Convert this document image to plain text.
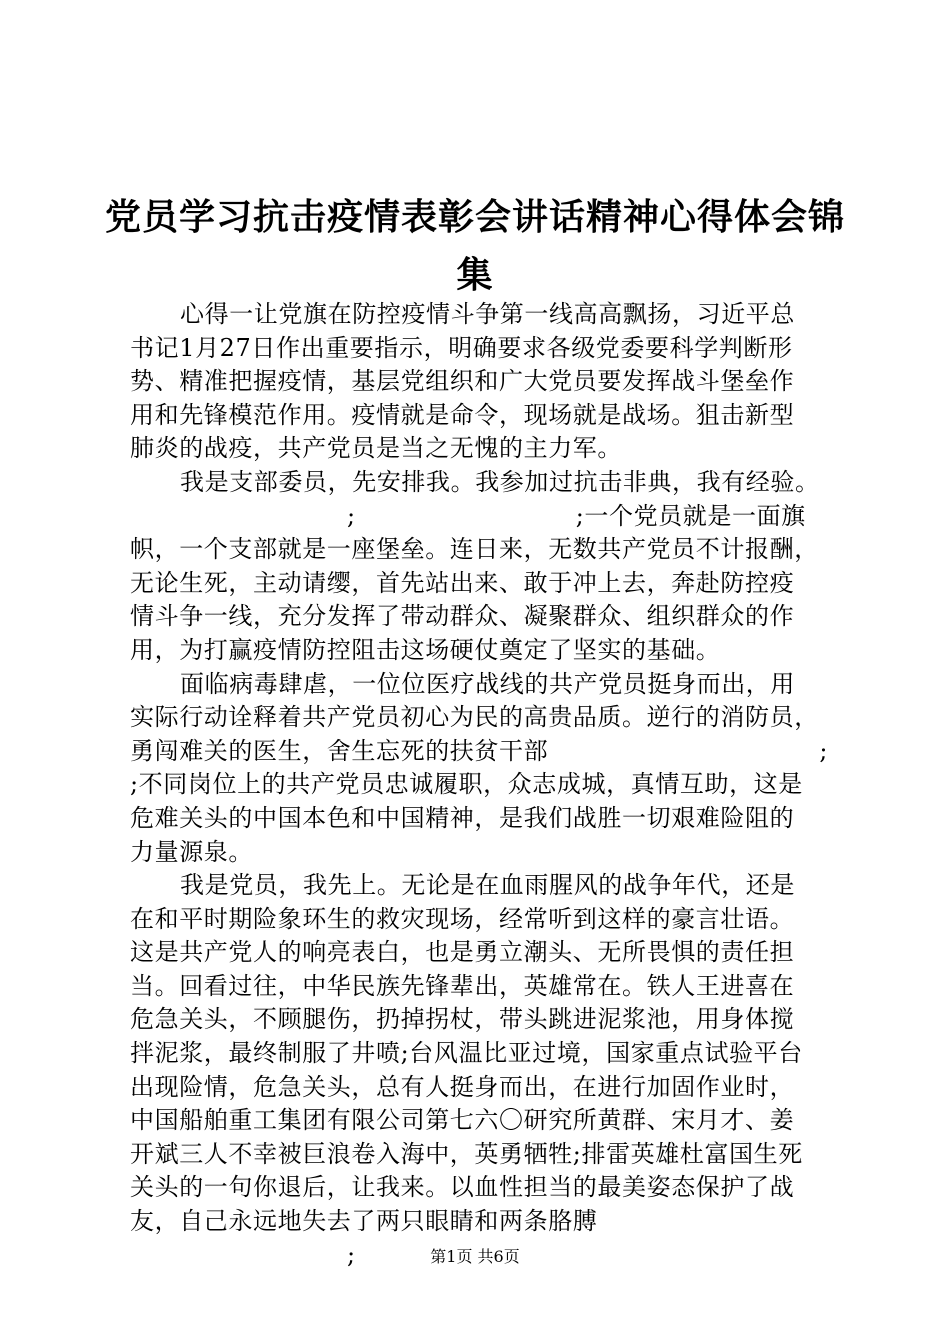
党员学习抗击疫情表彰会讲话精神心得体会锦
集
心得一让党旗在防控疫情斗争第一线高高飘扬，习近平总
书记1月27日作出重要指示，明确要求各级党委要科学判断形
势、精准把握疫情，基层党组织和广大党员要发挥战斗堡垒作
用和先锋模范作用。疫情就是命令，现场就是战场。狙击新型
肺炎的战疫，共产党员是当之无愧的主力军。
我是支部委员，先安排我。我参加过抗击非典，我有经验。
;	;一个党员就是一面旗
帜，一个支部就是一座堡垒。连日来，无数共产党员不计报酬，
无论生死，主动请缨，首先站出来、敢于冲上去，奔赴防控疫
情斗争一线，充分发挥了带动群众、凝聚群众、组织群众的作
用，为打赢疫情防控阻击这场硬仗奠定了坚实的基础。
面临病毒肆虐，一位位医疗战线的共产党员挺身而出，用
实际行动诠释着共产党员初心为民的高贵品质。逆行的消防员，
勇闯难关的医生，舍生忘死的扶贫干部	;
;不同岗位上的共产党员忠诚履职，众志成城，真情互助，这是
危难关头的中国本色和中国精神，是我们战胜一切艰难险阻的
力量源泉。
我是党员，我先上。无论是在血雨腥风的战争年代，还是
在和平时期险象环生的救灾现场，经常听到这样的豪言壮语。
这是共产党人的响亮表白，也是勇立潮头、无所畏惧的责任担
当。回看过往，中华民族先锋辈出，英雄常在。铁人王进喜在
危急关头，不顾腿伤，扔掉拐杖，带头跳进泥浆池，用身体搅
拌泥浆，最终制服了井喷;台风温比亚过境，国家重点试验平台
出现险情，危急关头，总有人挺身而出，在进行加固作业时，
中国船舶重工集团有限公司第七六〇研究所黄群、宋月才、姜
开斌三人不幸被巨浪卷入海中，英勇牺牲;排雷英雄杜富国生死
关头的一句你退后，让我来。以血性担当的最美姿态保护了战
友，自己永远地失去了两只眼睛和两条胳膊
;	第1页 共6页
